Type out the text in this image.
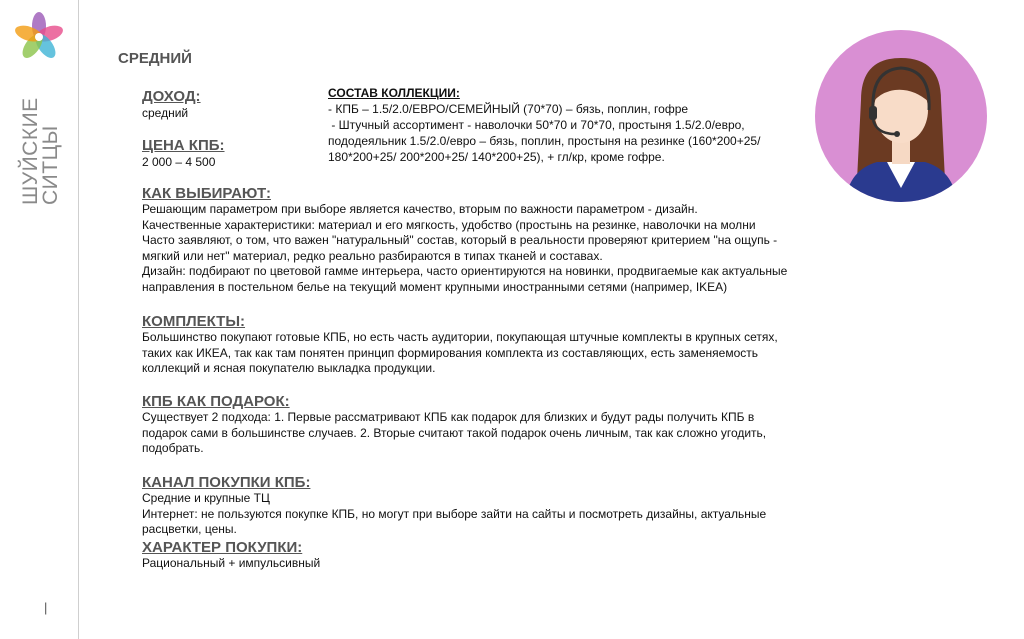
ШУЙСКИЕ
СИТЦЫ
|
СРЕДНИЙ
ДОХОД:
средний
ЦЕНА КПБ:
2 000 – 4 500
СОСТАВ КОЛЛЕКЦИИ:
- КПБ – 1.5/2.0/ЕВРО/СЕМЕЙНЫЙ (70*70) – бязь, поплин, гофре
- Штучный ассортимент - наволочки 50*70 и 70*70, простыня 1.5/2.0/евро,
пододеяльник 1.5/2.0/евро – бязь, поплин, простыня на резинке (160*200+25/
180*200+25/ 200*200+25/ 140*200+25), + гл/кр, кроме гофре.
КАК ВЫБИРАЮТ:
Решающим параметром при выборе является качество, вторым по важности параметром - дизайн.
Качественные характеристики: материал и его мягкость, удобство (простынь на резинке, наволочки на молни
Часто заявляют, о том, что важен "натуральный" состав, который в реальности проверяют критерием "на ощупь -
мягкий или нет" материал, редко реально разбираются в типах тканей и составах.
Дизайн: подбирают по цветовой гамме интерьера, часто ориентируются на новинки, продвигаемые как актуальные
направления в постельном белье на текущий момент крупными иностранными сетями (например, IKEA)
КОМПЛЕКТЫ:
Большинство покупают готовые КПБ, но есть часть аудитории, покупающая штучные комплекты в крупных сетях,
таких как ИКЕА, так как там понятен принцип формирования комплекта из составляющих, есть заменяемость
коллекций и ясная покупателю выкладка продукции.
КПБ КАК ПОДАРОК:
Существует 2 подхода: 1. Первые рассматривают КПБ как подарок для близких и будут рады получить КПБ в
подарок сами в большинстве случаев. 2. Вторые считают такой подарок очень личным, так как сложно угодить,
подобрать.
КАНАЛ ПОКУПКИ КПБ:
Средние и крупные ТЦ
Интернет: не пользуются покупке КПБ, но могут при выборе зайти на сайты и посмотреть дизайны, актуальные
расцветки, цены.
ХАРАКТЕР ПОКУПКИ:
Рациональный + импульсивный
